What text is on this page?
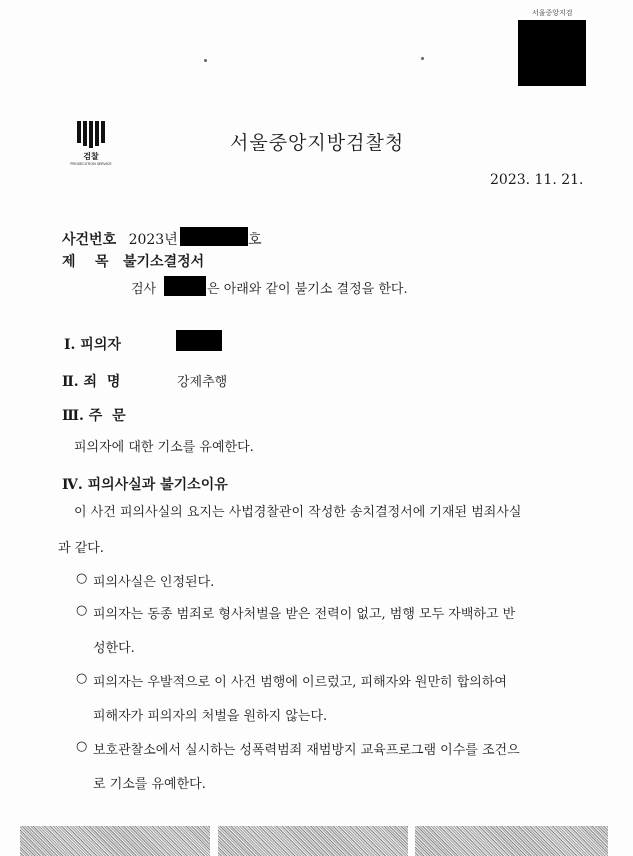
서울중앙지검
검찰
PROSECUTION SERVICE
서울중앙지방검찰청
2023. 11. 21.
사건번호 2023년	호
제    목 불기소결정서
검사	은 아래와 같이 불기소 결정을 한다.
Ⅰ. 피의자
Ⅱ. 죄  명	강제추행
Ⅲ. 주  문
피의자에 대한 기소를 유예한다.
Ⅳ. 피의사실과 불기소이유
이 사건 피의사실의 요지는 사법경찰관이 작성한 송치결정서에 기재된 범죄사실
과 같다.
○ 피의사실은 인정된다.
○ 피의자는 동종 범죄로 형사처벌을 받은 전력이 없고, 범행 모두 자백하고 반
성한다.
○ 피의자는 우발적으로 이 사건 범행에 이르렀고, 피해자와 원만히 합의하여
피해자가 피의자의 처벌을 원하지 않는다.
○ 보호관찰소에서 실시하는 성폭력범죄 재범방지 교육프로그램 이수를 조건으
로 기소를 유예한다.
